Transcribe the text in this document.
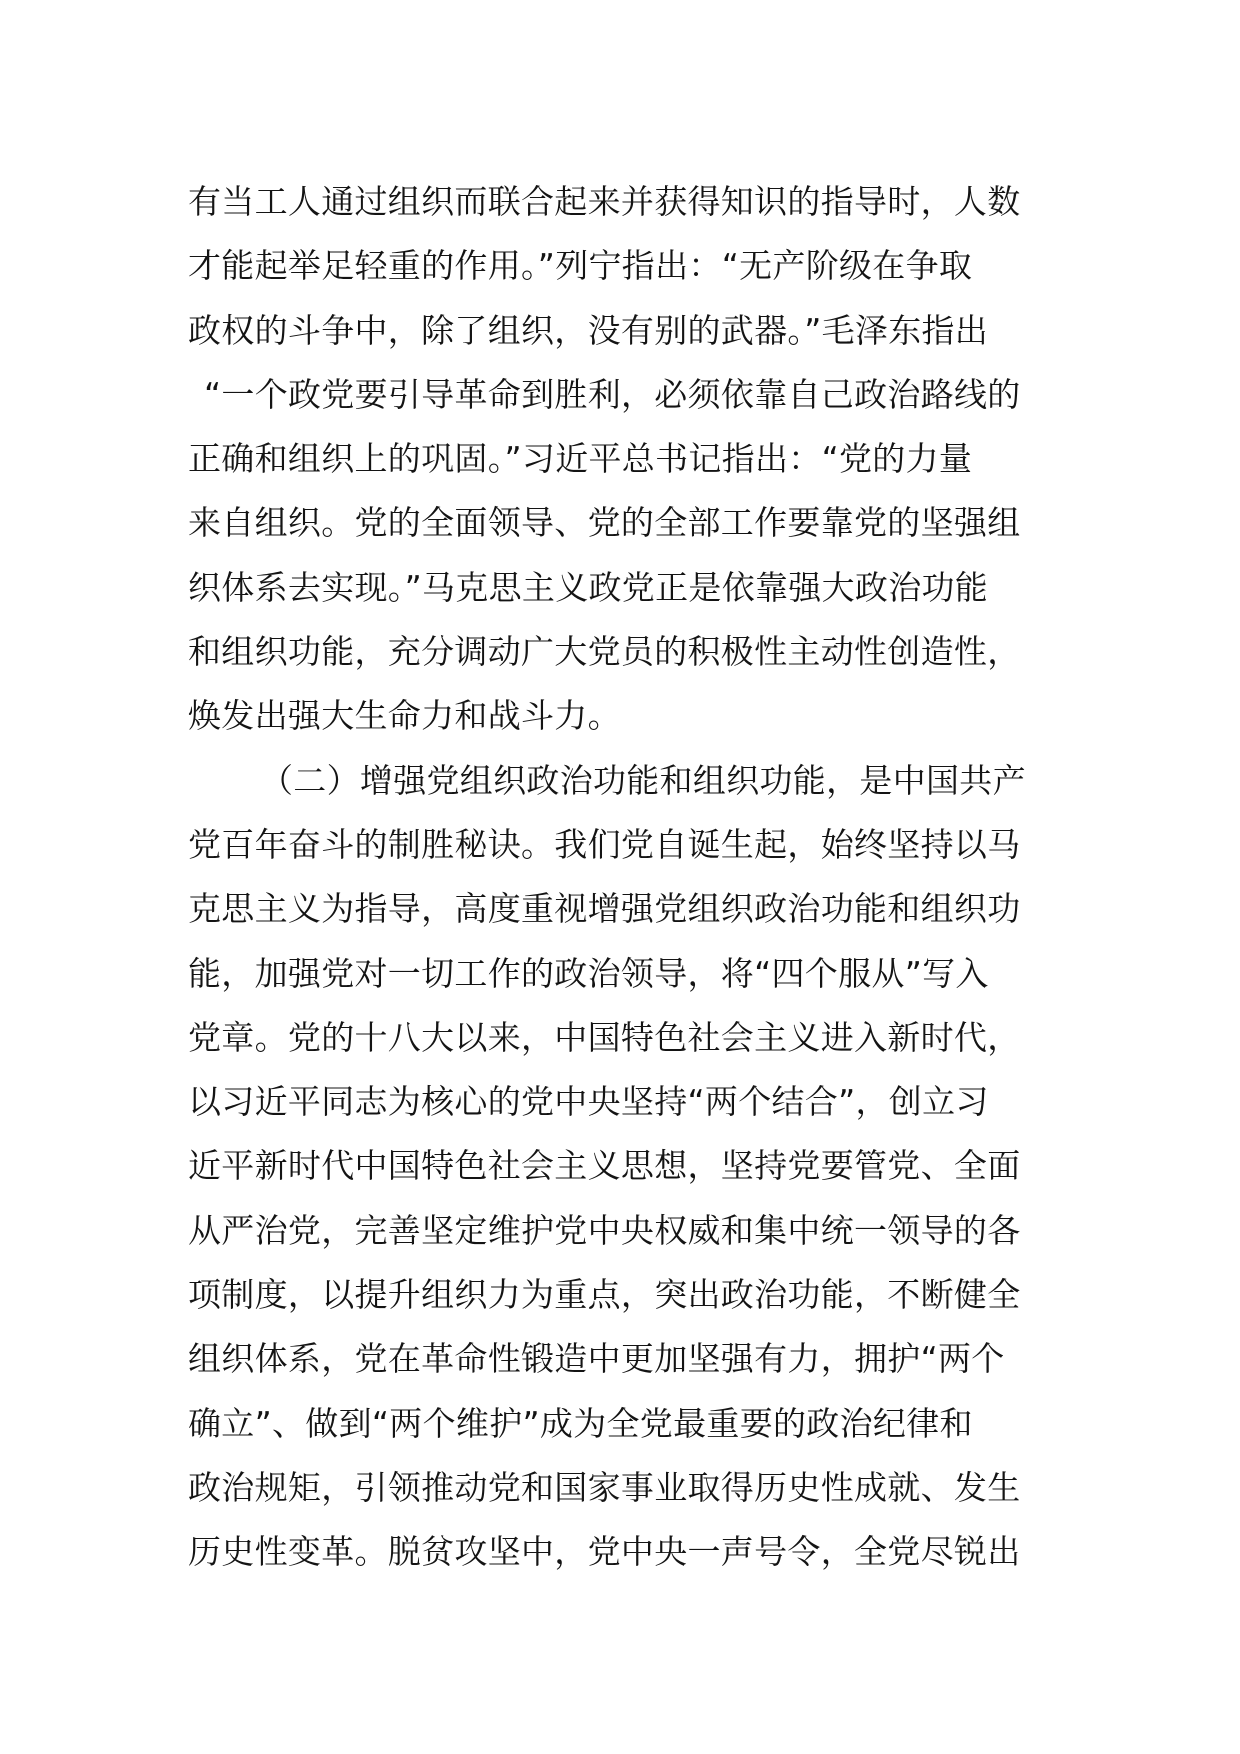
有当工人通过组织而联合起来并获得知识的指导时，人数
才能起举足轻重的作用。”列宁指出：“无产阶级在争取
政权的斗争中，除了组织，没有别的武器。”毛泽东指出
“一个政党要引导革命到胜利，必须依靠自己政治路线的
正确和组织上的巩固。”习近平总书记指出：“党的力量
来自组织。党的全面领导、党的全部工作要靠党的坚强组
织体系去实现。”马克思主义政党正是依靠强大政治功能
和组织功能，充分调动广大党员的积极性主动性创造性，
焕发出强大生命力和战斗力。
（二）增强党组织政治功能和组织功能，是中国共产
党百年奋斗的制胜秘诀。我们党自诞生起，始终坚持以马
克思主义为指导，高度重视增强党组织政治功能和组织功
能，加强党对一切工作的政治领导，将“四个服从”写入
党章。党的十八大以来，中国特色社会主义进入新时代，
以习近平同志为核心的党中央坚持“两个结合”，创立习
近平新时代中国特色社会主义思想，坚持党要管党、全面
从严治党，完善坚定维护党中央权威和集中统一领导的各
项制度，以提升组织力为重点，突出政治功能，不断健全
组织体系，党在革命性锻造中更加坚强有力，拥护“两个
确立”、做到“两个维护”成为全党最重要的政治纪律和
政治规矩，引领推动党和国家事业取得历史性成就、发生
历史性变革。脱贫攻坚中，党中央一声号令，全党尽锐出
